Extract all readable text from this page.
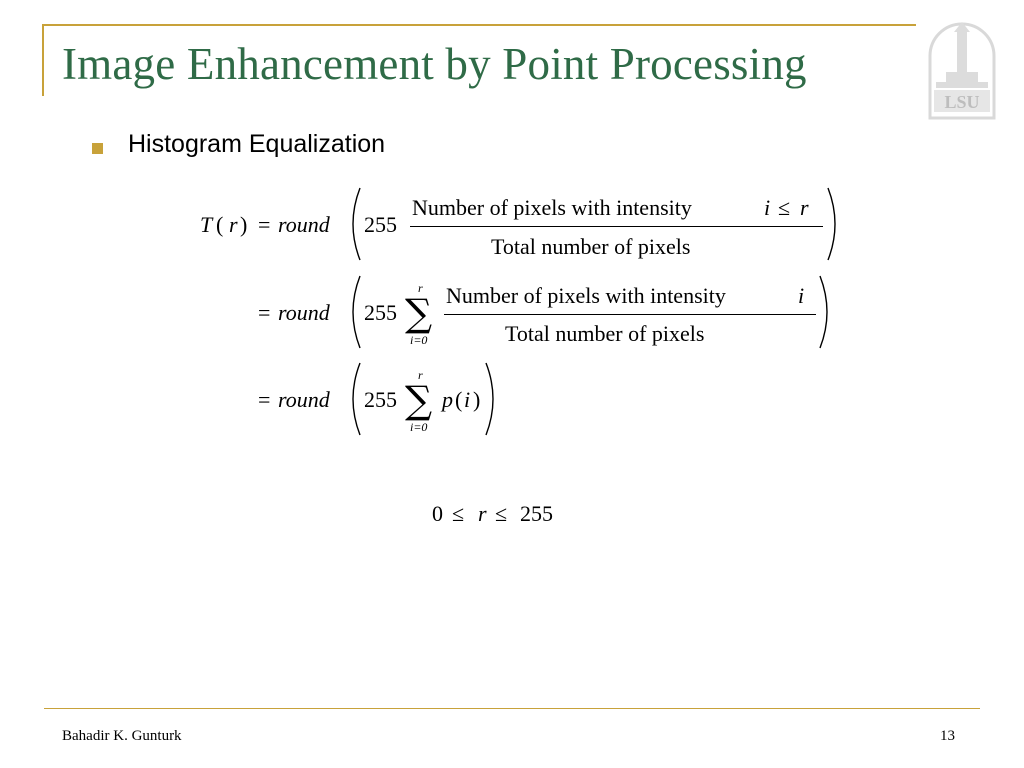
Image Enhancement by Point Processing
LSU
Histogram Equalization
T ( r ) = round 255
Number of pixels with intensity	i ≤ r
Total number of pixels
= round 255
r
∑
i=0
Number of pixels with intensity	i
Total number of pixels
= round 255
r
∑
i=0
p ( i )
0 ≤ r ≤ 255
Bahadir K. Gunturk	13
